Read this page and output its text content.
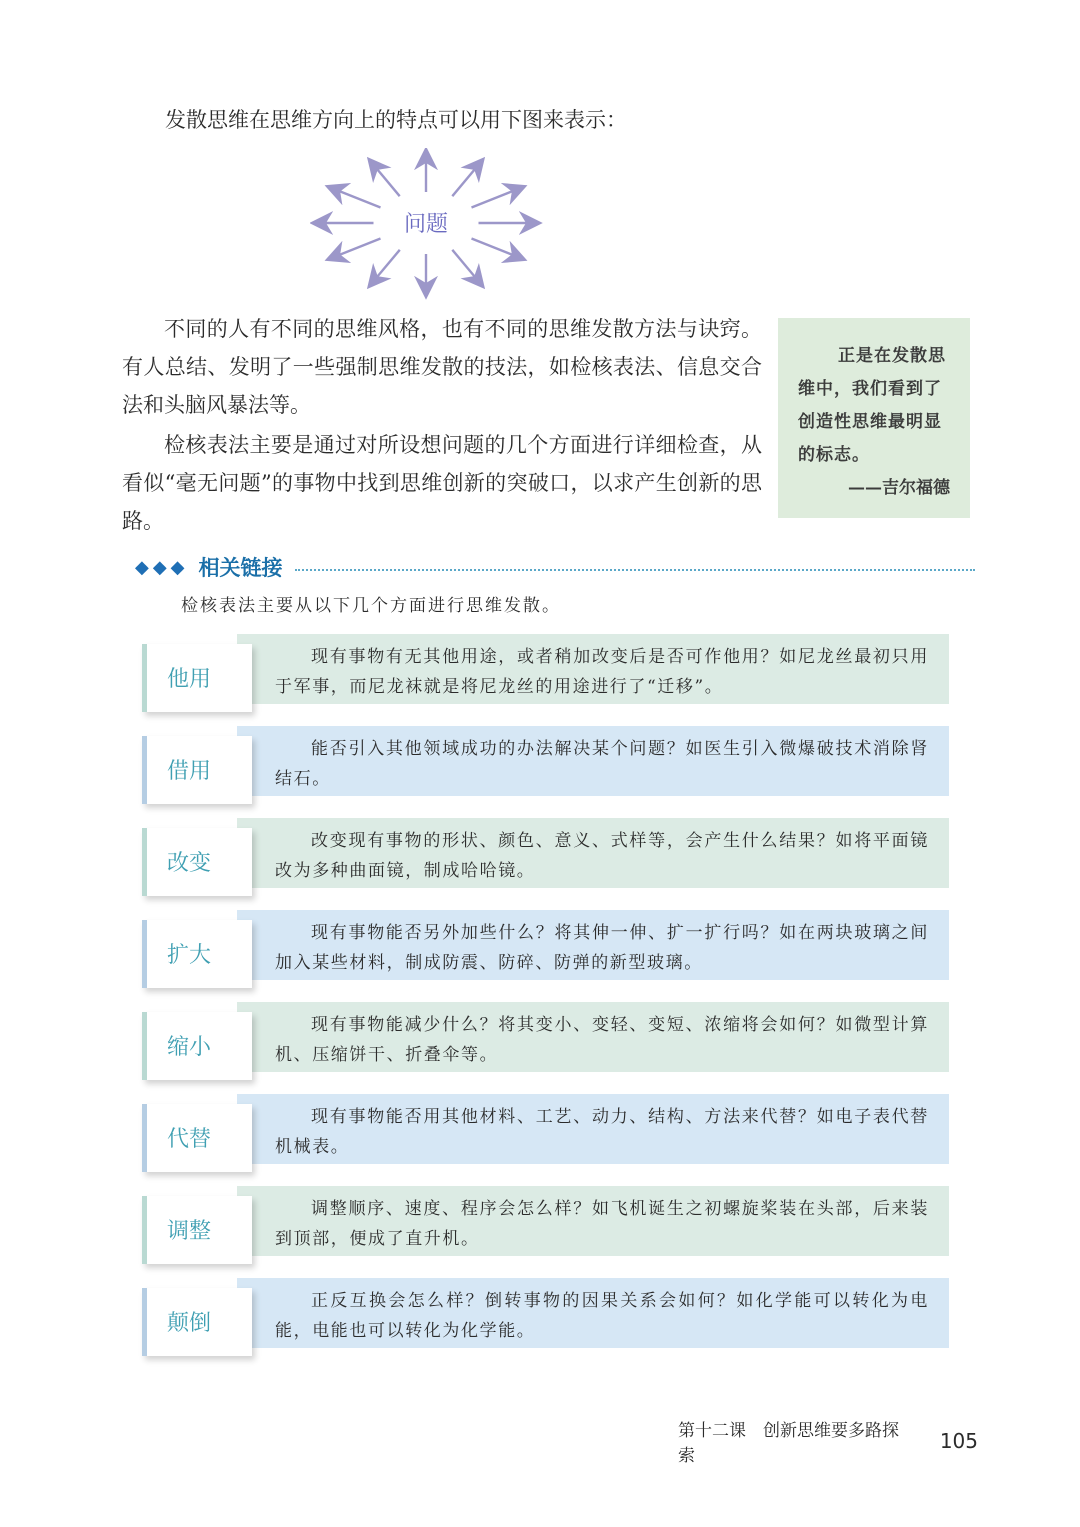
发散思维在思维方向上的特点可以用下图来表示：

问题

不同的人有不同的思维风格，也有不同的思维发散方法与诀窍。有人总结、发明了一些强制思维发散的技法，如检核表法、信息交合法和头脑风暴法等。

检核表法主要是通过对所设想问题的几个方面进行详细检查，从看似“毫无问题”的事物中找到思维创新的突破口，以求产生创新的思路。

正是在发散思维中，我们看到了创造性思维最明显的标志。

——吉尔福德

◆◆◆ 相关链接

检核表法主要从以下几个方面进行思维发散。

他用

现有事物有无其他用途，或者稍加改变后是否可作他用？如尼龙丝最初只用于军事，而尼龙袜就是将尼龙丝的用途进行了“迁移”。

借用

能否引入其他领域成功的办法解决某个问题？如医生引入微爆破技术消除肾结石。

改变

改变现有事物的形状、颜色、意义、式样等，会产生什么结果？如将平面镜改为多种曲面镜，制成哈哈镜。

扩大

现有事物能否另外加些什么？将其伸一伸、扩一扩行吗？如在两块玻璃之间加入某些材料，制成防震、防碎、防弹的新型玻璃。

缩小

现有事物能减少什么？将其变小、变轻、变短、浓缩将会如何？如微型计算机、压缩饼干、折叠伞等。

代替

现有事物能否用其他材料、工艺、动力、结构、方法来代替？如电子表代替机械表。

调整

调整顺序、速度、程序会怎么样？如飞机诞生之初螺旋桨装在头部，后来装到顶部，便成了直升机。

颠倒

正反互换会怎么样？倒转事物的因果关系会如何？如化学能可以转化为电能，电能也可以转化为化学能。

第十二课　创新思维要多路探索
105
